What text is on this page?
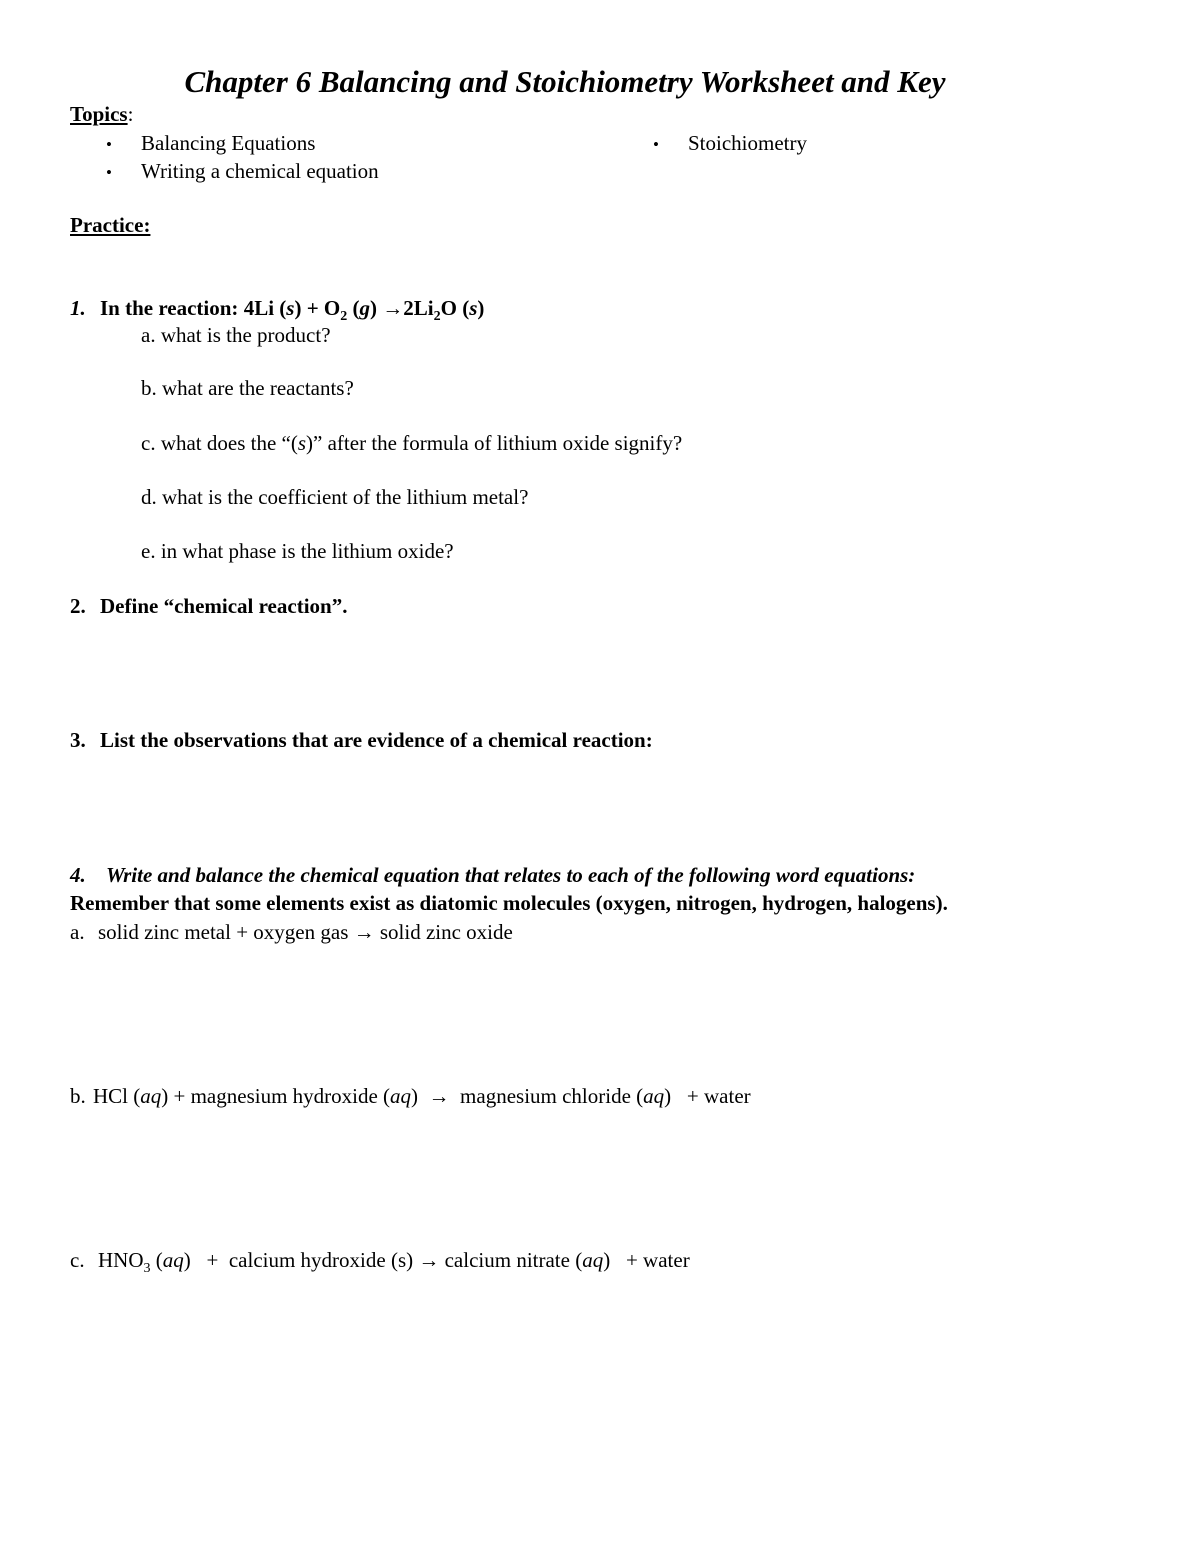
Chapter 6 Balancing and Stoichiometry Worksheet and Key
Topics:
• Balancing Equations
• Writing a chemical equation
• Stoichiometry
Practice:
1. In the reaction: 4Li $(s) + O_2$ $(g) \to 2Li_2O$ (s)
a. what is the product?
b. what are the reactants?
c. what does the “(s)” after the formula of lithium oxide signify?
d. what is the coefficient of the lithium metal?
e. in what phase is the lithium oxide?
2. Define “chemical reaction”.
3. List the observations that are evidence of a chemical reaction:
4. Write and balance the chemical equation that relates to each of the following word equations:
Remember that some elements exist as diatomic molecules (oxygen, nitrogen, hydrogen, halogens).
a. solid zinc metal + oxygen gas → solid zinc oxide
b. HCl (aq) + magnesium hydroxide (aq)  →  magnesium chloride (aq)   + water
c. $HNO_3$ (aq)   +  calcium hydroxide (s) → calcium nitrate (aq)   + water
